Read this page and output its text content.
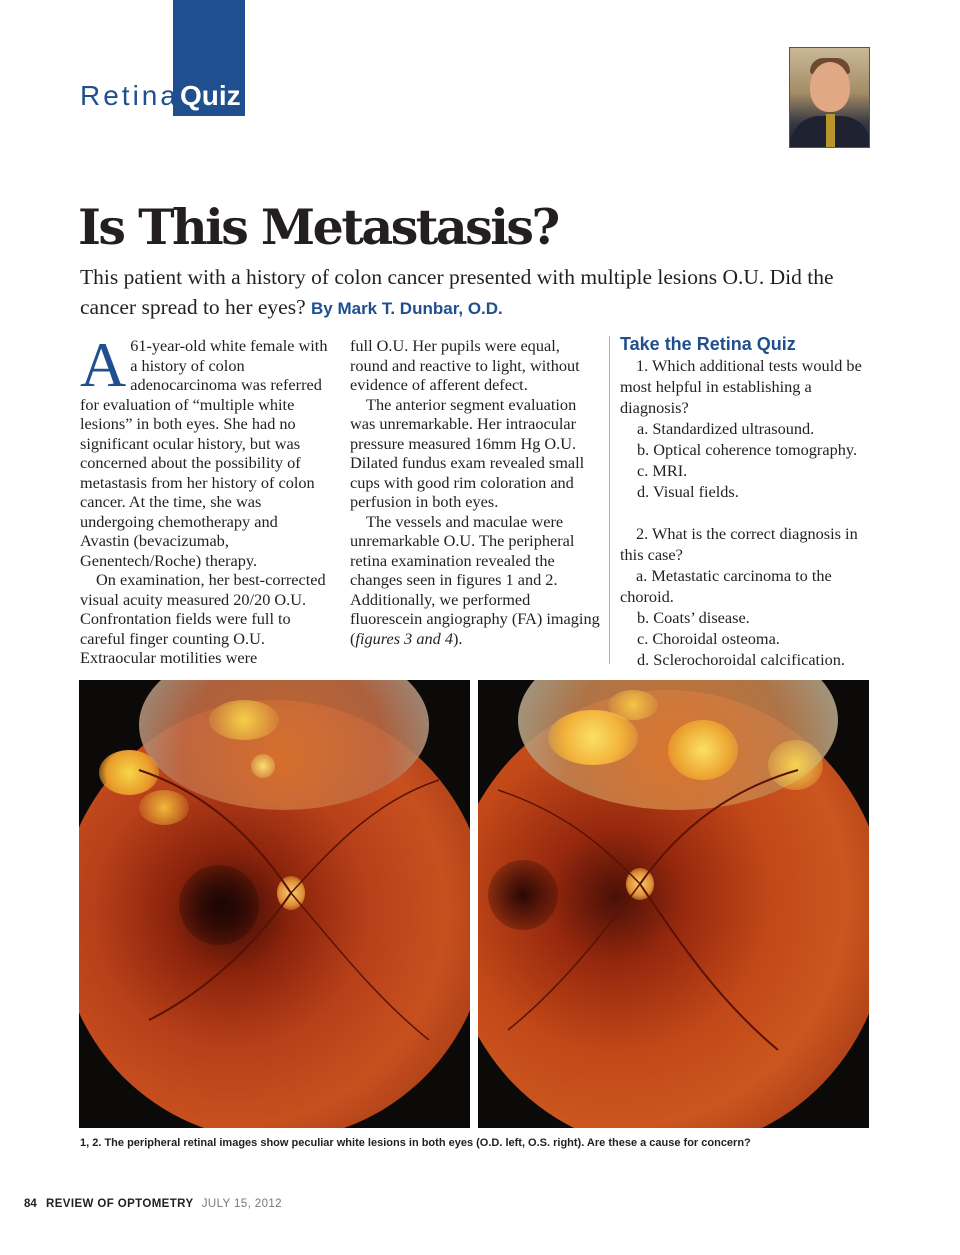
Retina Quiz
Is This Metastasis?
This patient with a history of colon cancer presented with multiple lesions O.U. Did the cancer spread to her eyes? By Mark T. Dunbar, O.D.

A 61-year-old white female with a history of colon adenocarcinoma was referred for evaluation of “multiple white lesions” in both eyes. She had no significant ocular history, but was concerned about the possibility of metastasis from her history of colon cancer. At the time, she was undergoing chemotherapy and Avastin (bevacizumab, Genentech/Roche) therapy.

On examination, her best-corrected visual acuity measured 20/20 O.U. Confrontation fields were full to careful finger counting O.U. Extraocular motilities were

full O.U. Her pupils were equal, round and reactive to light, without evidence of afferent defect.

The anterior segment evaluation was unremarkable. Her intraocular pressure measured 16mm Hg O.U. Dilated fundus exam revealed small cups with good rim coloration and perfusion in both eyes.

The vessels and maculae were unremarkable O.U. The peripheral retina examination revealed the changes seen in figures 1 and 2. Additionally, we performed fluorescein angiography (FA) imaging (figures 3 and 4).

Take the Retina Quiz

1. Which additional tests would be most helpful in establishing a diagnosis?

a. Standardized ultrasound.

b. Optical coherence tomography.

c. MRI.

d. Visual fields.

2. What is the correct diagnosis in this case?

a. Metastatic carcinoma to the choroid.

b. Coats’ disease.

c. Choroidal osteoma.

d. Sclerochoroidal calcification.

1, 2. The peripheral retinal images show peculiar white lesions in both eyes (O.D. left, O.S. right). Are these a cause for concern?
84 REVIEW OF OPTOMETRY JULY 15, 2012
